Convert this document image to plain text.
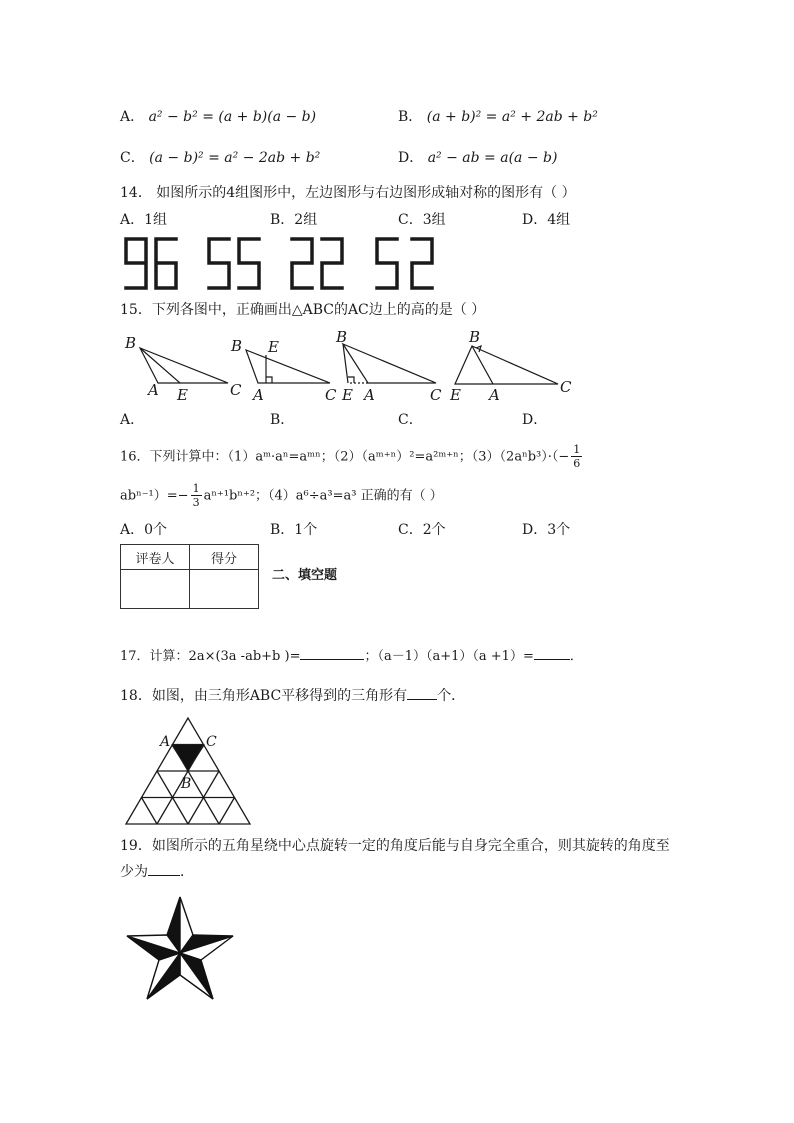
A． a² − b² = (a + b)(a − b)	B． (a + b)² = a² + 2ab + b²
C． (a − b)² = a² − 2ab + b²	D． a² − ab = a(a − b)
14． 如图所示的4组图形中，左边图形与右边图形成轴对称的图形有（ ）
A．1组	B．2组	C．3组	D．4组
15．下列各图中，正确画出△ABC的AC边上的高的是（ ）
B
A E	C
B E
A	C
B
E A	C
B
E A	C
A．	B．	C．	D．
16．下列计算中：（1）aᵐ·aⁿ=aᵐⁿ；（2）（aᵐ⁺ⁿ）²=a²ᵐ⁺ⁿ；$(3)(2a^nb^3)\cdot(- \frac{1}{6}$
$ab^{n-1})=- \frac{1}{3} a^{n+1}b^{n+2}$；（4）a⁶÷a³=a³ 正确的有（ ）
A．0个	B．1个	C．2个	D．3个
评卷人	得分

二、填空题
17．计算：2a×(3a -ab+b )=	；（a－1）（a+1）（a +1）=	．
18．如图，由三角形ABC平移得到的三角形有 个．
A	C
B
19．如图所示的五角星绕中心点旋转一定的角度后能与自身完全重合，则其旋转的角度至
少为 ．
